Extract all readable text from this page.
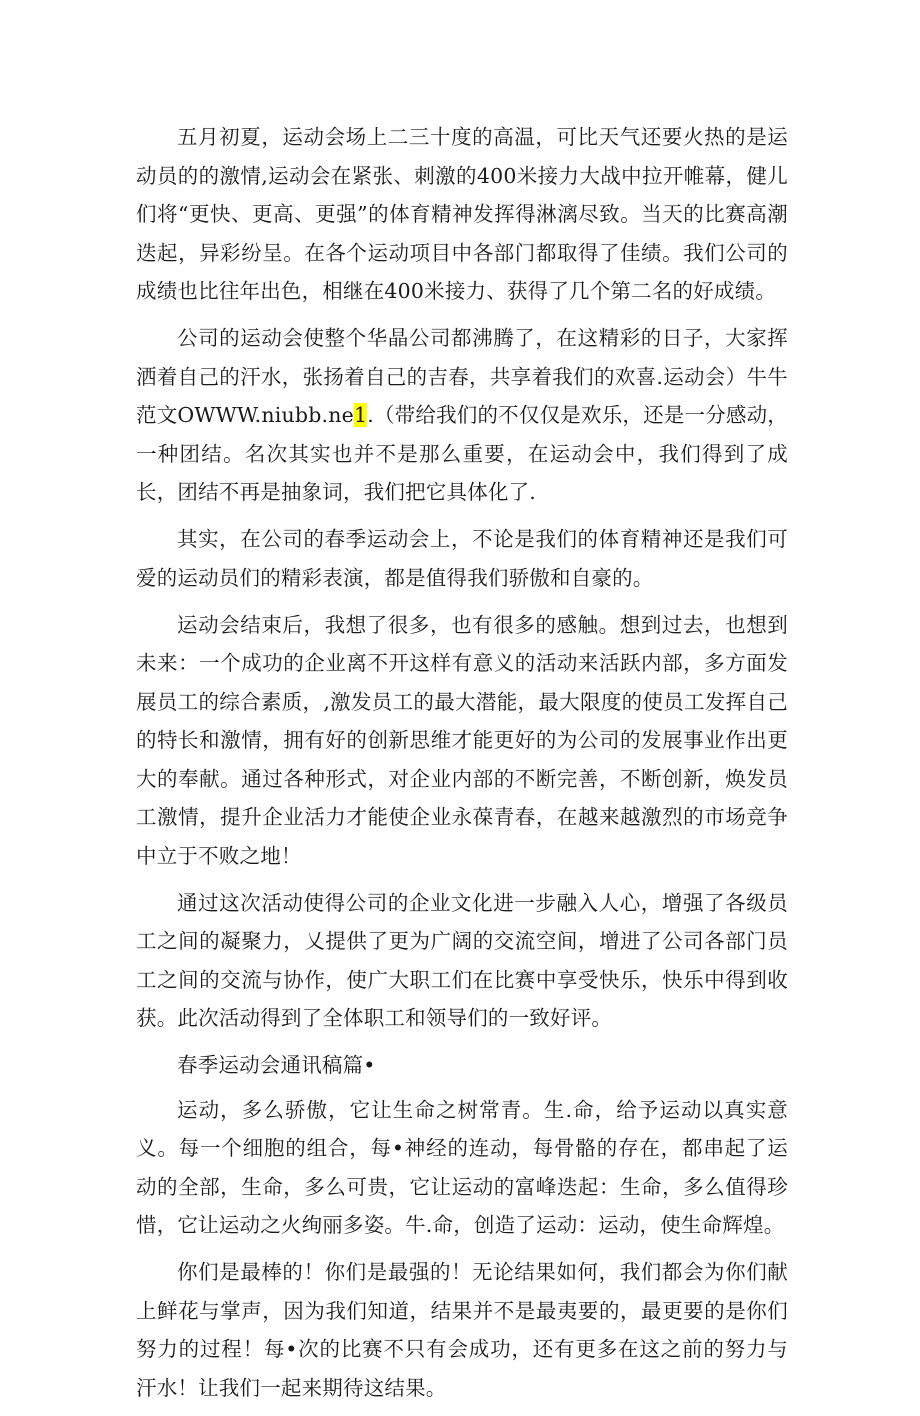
五月初夏，运动会场上二三十度的高温，可比天气还要火热的是运动员的的激情,运动会在紧张、刺激的400米接力大战中拉开帷幕，健儿们将“更快、更高、更强”的体育精神发挥得淋漓尽致。当天的比赛高潮迭起，异彩纷呈。在各个运动项目中各部门都取得了佳绩。我们公司的成绩也比往年出色，相继在400米接力、获得了几个第二名的好成绩。

公司的运动会使整个华晶公司都沸腾了，在这精彩的日子，大家挥洒着自己的汗水，张扬着自己的吉春，共享着我们的欢喜.运动会）牛牛范文OWWW.niubb.ne1.（带给我们的不仅仅是欢乐，还是一分感动，一种团结。名次其实也并不是那么重要，在运动会中，我们得到了成长，团结不再是抽象词，我们把它具体化了.

其实，在公司的春季运动会上，不论是我们的体育精神还是我们可爱的运动员们的精彩表演，都是值得我们骄傲和自豪的。

运动会结束后，我想了很多，也有很多的感触。想到过去，也想到未来：一个成功的企业离不开这样有意义的活动来活跃内部，多方面发展员工的综合素质，,激发员工的最大潜能，最大限度的使员工发挥自己的特长和激情，拥有好的创新思维才能更好的为公司的发展事业作出更大的奉献。通过各种形式，对企业内部的不断完善，不断创新，焕发员工激情，提升企业活力才能使企业永葆青春，在越来越激烈的市场竞争中立于不败之地！

通过这次活动使得公司的企业文化进一步融入人心，增强了各级员工之间的凝聚力，乂提供了更为广阔的交流空间，增进了公司各部门员工之间的交流与协作，使广大职工们在比赛中享受快乐，快乐中得到收获。此次活动得到了全体职工和领导们的一致好评。

春季运动会通讯稿篇•

运动，多么骄傲，它让生命之树常青。生.命，给予运动以真实意义。每一个细胞的组合，每•神经的连动，每骨骼的存在，都串起了运动的全部，生命，多么可贵，它让运动的富峰迭起：生命，多么值得珍惜，它让运动之火绚丽多姿。牛.命，创造了运动：运动，使生命辉煌。

你们是最棒的！你们是最强的！无论结果如何，我们都会为你们献上鲜花与掌声，因为我们知道，结果并不是最夷要的，最更要的是你们努力的过程！每•次的比赛不只有会成功，还有更多在这之前的努力与汗水！让我们一起来期待这结果。
